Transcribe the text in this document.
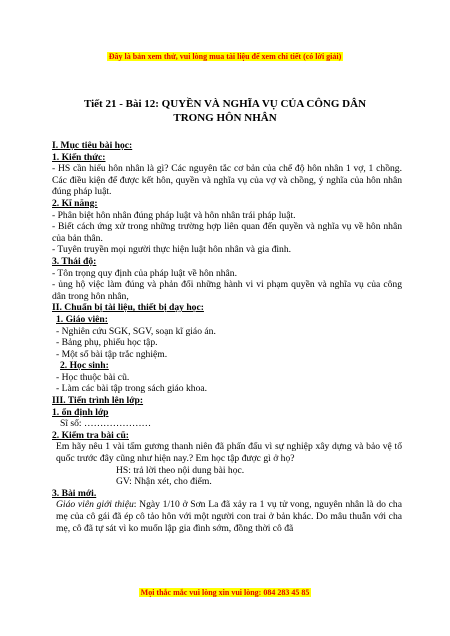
Đây là bản xem thử, vui lòng mua tài liệu để xem chi tiết (có lời giải)
Tiết 21 - Bài 12: QUYỀN VÀ NGHĨA VỤ CỦA CÔNG DÂN
TRONG HÔN NHÂN

I. Mục tiêu bài học:

1. Kiến thức:

- HS cần hiểu hôn nhân là gì? Các nguyên tắc cơ bản của chế độ hôn nhân 1 vợ, 1 chồng. Các điều kiện để được kết hôn, quyền và nghĩa vụ của vợ và chồng, ý nghĩa của hôn nhân đúng pháp luật.

2. Kĩ năng:

- Phân biệt hôn nhân đúng pháp luật và hôn nhân trái pháp luật.

- Biết cách ứng xử trong những trường hợp liên quan đến quyền và nghĩa vụ về hôn nhân của bản thân.

- Tuyên truyền mọi người thực hiện luật hôn nhân và gia đình.

3. Thái độ:

- Tôn trọng quy định của pháp luật về hôn nhân.

- ủng hộ việc làm đúng và phản đối những hành vi vi phạm quyền và nghĩa vụ của công dân trong hôn nhân,

II. Chuẩn bị tài liệu, thiết bị dạy học:

1. Giáo viên:

- Nghiên cứu SGK, SGV, soạn kĩ giáo án.

- Bảng phụ, phiếu học tập.

- Một số bài tập trắc nghiệm.

2. Học sinh:

- Học thuộc bài cũ.

- Làm các bài tập trong sách giáo khoa.

III. Tiến trình lên lớp:

1. ổn định lớp

Sĩ số: …………………

2. Kiểm tra bài cũ:

Em hãy nêu 1 vài tấm gương thanh niên đã phấn đấu vì sự nghiệp xây dựng và bảo vệ tổ quốc trước đây cũng như hiện nay.? Em học tập được gì ở họ?

HS: trả lời theo nội dung bài học.

GV: Nhận xét, cho điểm.

3. Bài mới.

Giáo viên giới thiệu: Ngày 1/10 ở Sơn La đã xảy ra 1 vụ tử vong, nguyên nhân là do cha mẹ của cô gái đã ép cô tảo hôn với một người con trai ở bản khác. Do mâu thuẫn với cha mẹ, cô đã tự sát vì ko muốn lập gia đình sớm, đồng thời cô đã

Mọi thắc mắc vui lòng xin vui lòng: 084 283 45 85
